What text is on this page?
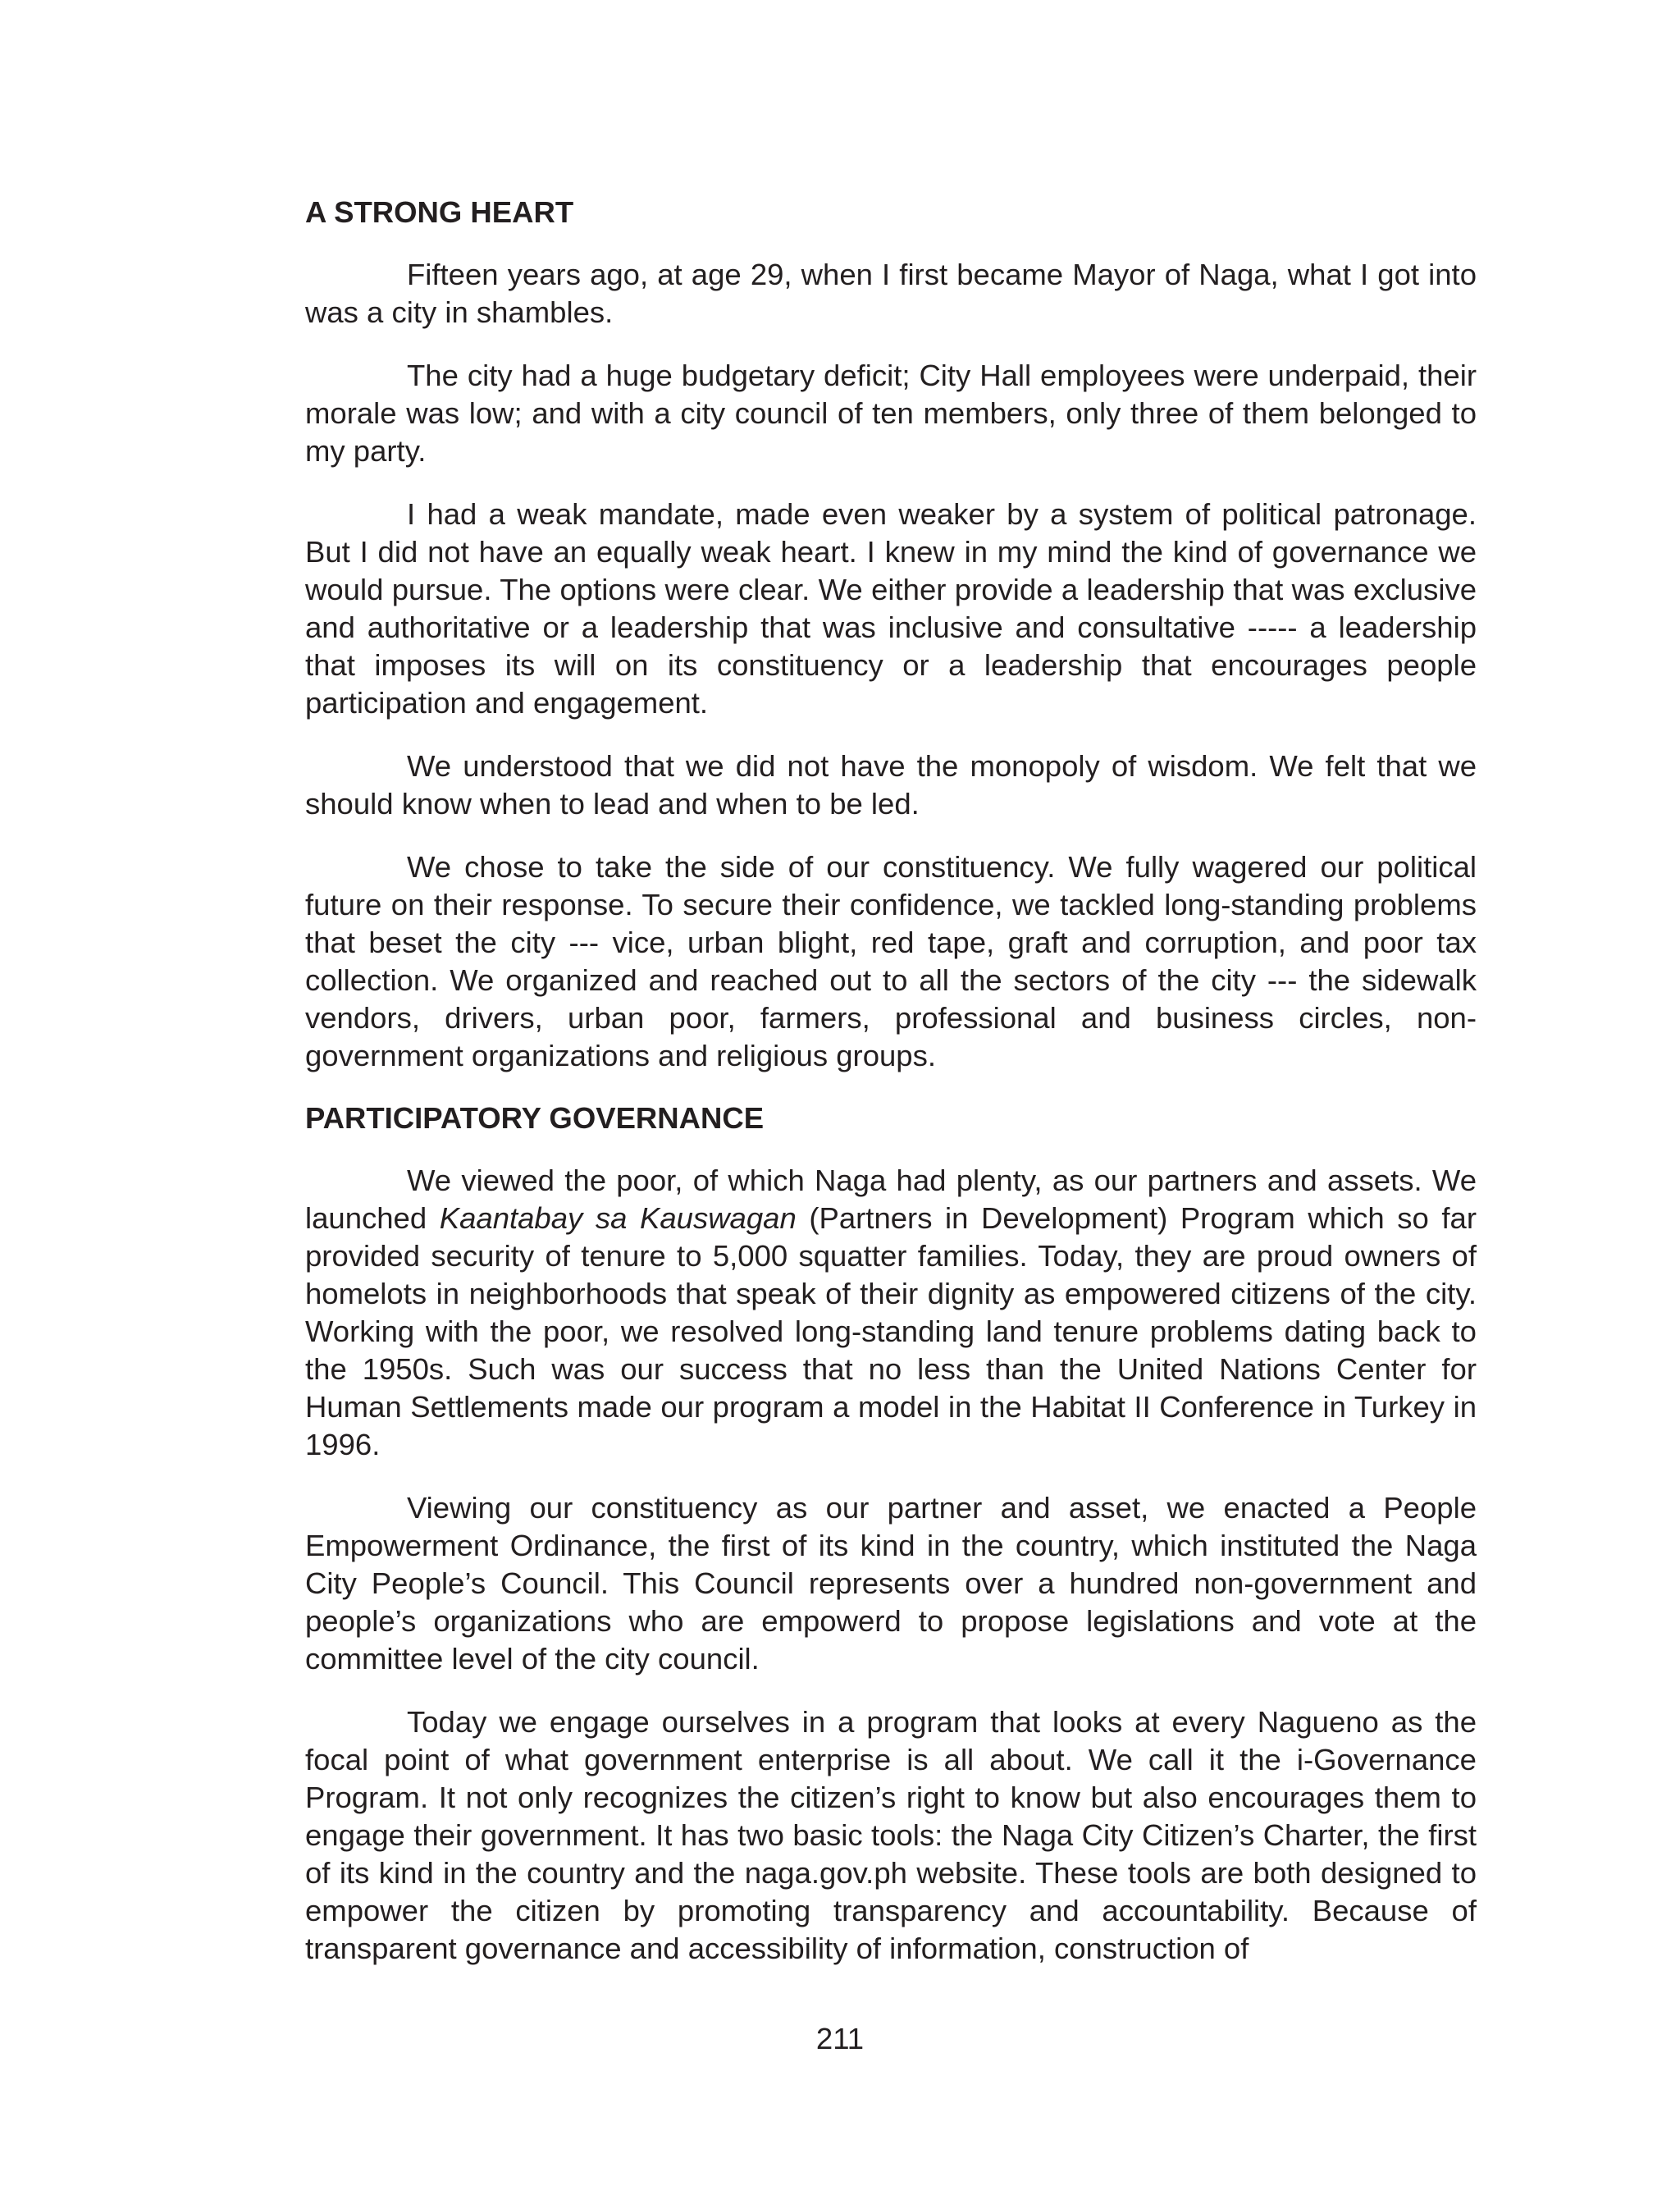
A STRONG HEART

Fifteen years ago, at age 29, when I first became Mayor of Naga, what I got into was a city in shambles.

The city had a huge budgetary deficit; City Hall employees were underpaid, their morale was low; and with a city council of ten members, only three of them belonged to my party.

I had a weak mandate, made even weaker by a system of political patronage. But I did not have an equally weak heart. I knew in my mind the kind of governance we would pursue. The options were clear. We either provide a leadership that was exclusive and authoritative or a leadership that was inclusive and consultative ----- a leadership that imposes its will on its constituency or a leadership that encourages people participation and engagement.

We understood that we did not have the monopoly of wisdom. We felt that we should know when to lead and when to be led.

We chose to take the side of our constituency. We fully wagered our political future on their response. To secure their confidence, we tackled long-standing problems that beset the city --- vice, urban blight, red tape, graft and corruption, and poor tax collection. We organized and reached out to all the sectors of the city --- the sidewalk vendors, drivers, urban poor, farmers, professional and business circles, non-government organizations and religious groups.

PARTICIPATORY GOVERNANCE

We viewed the poor, of which Naga had plenty, as our partners and assets. We launched Kaantabay sa Kauswagan (Partners in Development) Program which so far provided security of tenure to 5,000 squatter families. Today, they are proud owners of homelots in neighborhoods that speak of their dignity as empowered citizens of the city. Working with the poor, we resolved long-standing land tenure problems dating back to the 1950s. Such was our success that no less than the United Nations Center for Human Settlements made our program a model in the Habitat II Conference in Turkey in 1996.

Viewing our constituency as our partner and asset, we enacted a People Empowerment Ordinance, the first of its kind in the country, which instituted the Naga City People’s Council. This Council represents over a hundred non-government and people’s organizations who are empowerd to propose legislations and vote at the committee level of the city council.

Today we engage ourselves in a program that looks at every Nagueno as the focal point of what government enterprise is all about. We call it the i-Governance Program. It not only recognizes the citizen’s right to know but also encourages them to engage their government. It has two basic tools: the Naga City Citizen’s Charter, the first of its kind in the country and the naga.gov.ph website. These tools are both designed to empower the citizen by promoting transparency and accountability. Because of transparent governance and accessibility of information, construction of

211
